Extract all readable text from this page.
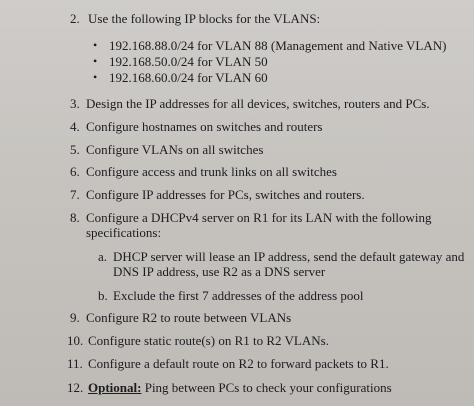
2. Use the following IP blocks for the VLANS:
• 192.168.88.0/24 for VLAN 88 (Management and Native VLAN)
• 192.168.50.0/24 for VLAN 50
• 192.168.60.0/24 for VLAN 60
3. Design the IP addresses for all devices, switches, routers and PCs.
4. Configure hostnames on switches and routers
5. Configure VLANs on all switches
6. Configure access and trunk links on all switches
7. Configure IP addresses for PCs, switches and routers.
8. Configure a DHCPv4 server on R1 for its LAN with the following
specifications:
a. DHCP server will lease an IP address, send the default gateway and
DNS IP address, use R2 as a DNS server
b. Exclude the first 7 addresses of the address pool
9. Configure R2 to route between VLANs
10. Configure static route(s) on R1 to R2 VLANs.
11. Configure a default route on R2 to forward packets to R1.
12. Optional: Ping between PCs to check your configurations
